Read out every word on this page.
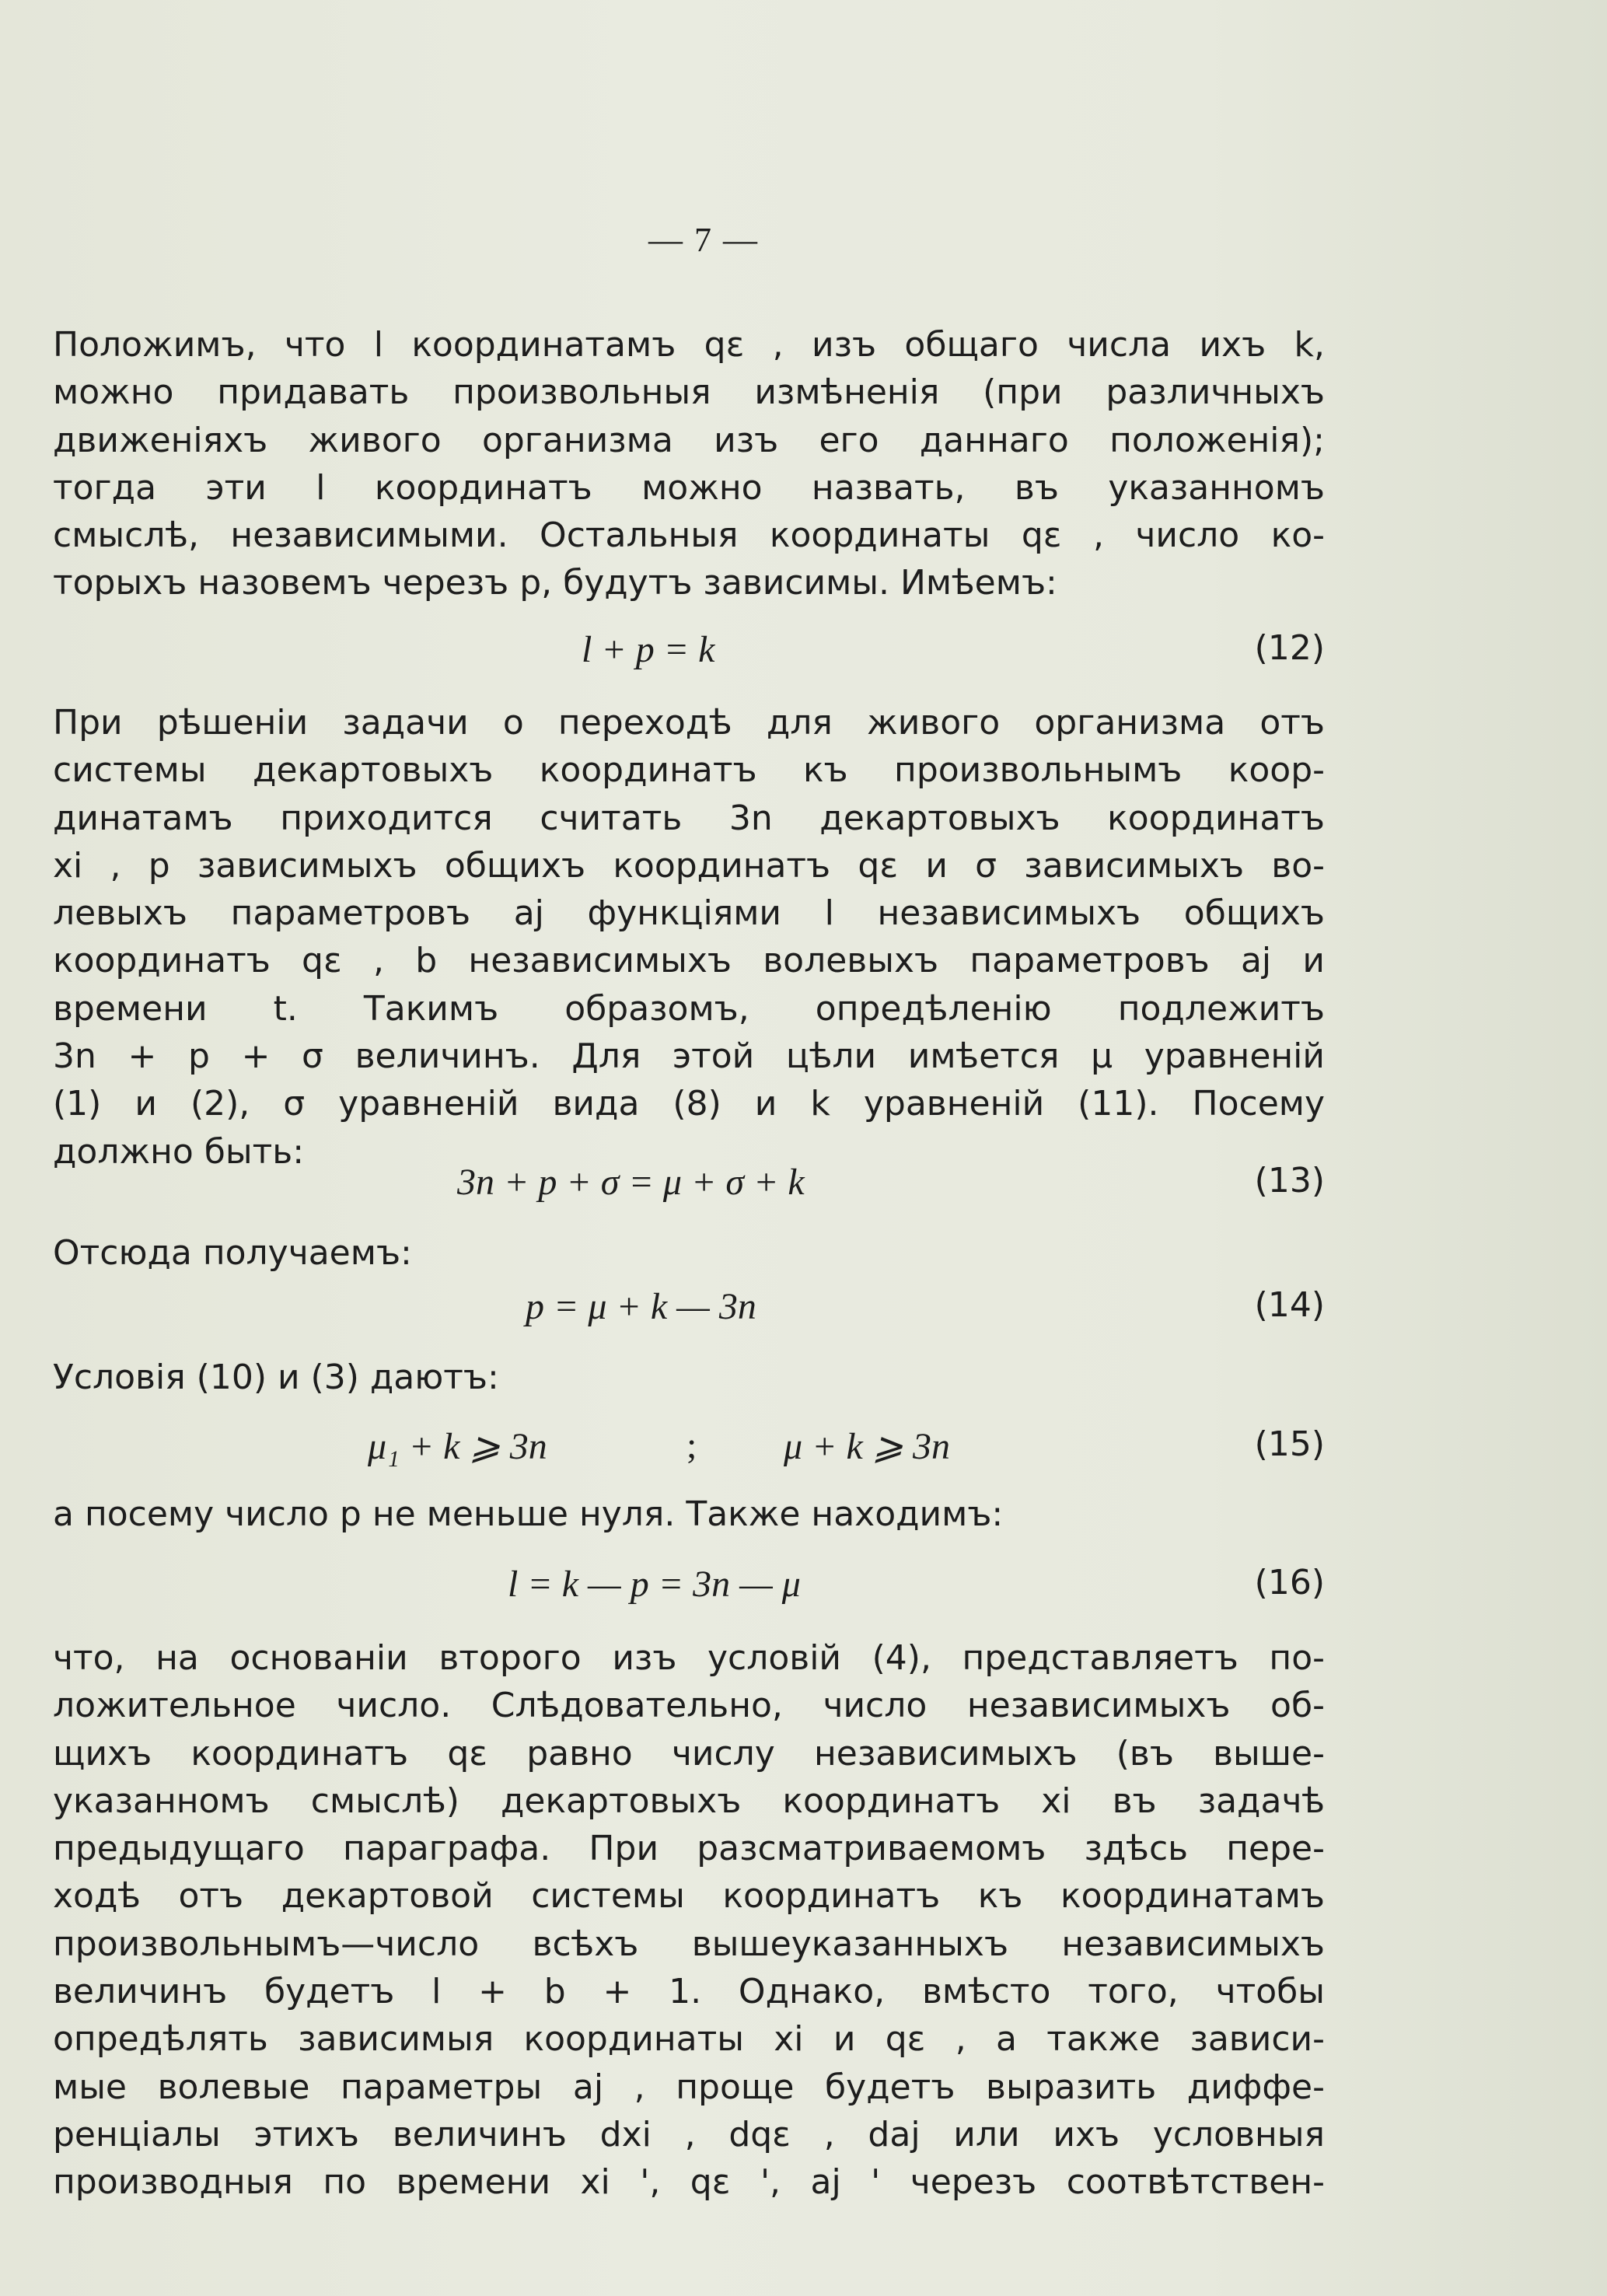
— 7 —
Положимъ, что l координатамъ qε , изъ общаго числа ихъ k,
можно придавать произвольныя измѣненія (при различныхъ
движеніяхъ живого организма изъ его даннаго положенія);
тогда эти l координатъ можно назвать, въ указанномъ
смыслѣ, независимыми. Остальныя координаты qε , число ко-
торыхъ назовемъ черезъ p, будутъ зависимы. Имѣемъ:
l + p = k	(12)
При рѣшеніи задачи о переходѣ для живого организма отъ
системы декартовыхъ координатъ къ произвольнымъ коор-
динатамъ приходится считать 3n декартовыхъ координатъ
xi , p зависимыхъ общихъ координатъ qε и σ зависимыхъ во-
левыхъ параметровъ aj функціями l независимыхъ общихъ
координатъ qε , b независимыхъ волевыхъ параметровъ aj и
времени t. Такимъ образомъ, опредѣленію подлежитъ
3n + p + σ величинъ. Для этой цѣли имѣется μ уравненій
(1) и (2), σ уравненій вида (8) и k уравненій (11). Посему
должно быть:
3n + p + σ = μ + σ + k	(13)
Отсюда получаемъ:
p = μ + k — 3n	(14)
Условія (10) и (3) даютъ:
μ₁ + k ⩾ 3n	; μ + k ⩾ 3n	(15)
а посему число p не меньше нуля. Также находимъ:
l = k — p = 3n — μ	(16)
что, на основаніи второго изъ условій (4), представляетъ по-
ложительное число. Слѣдовательно, число независимыхъ об-
щихъ координатъ qε равно числу независимыхъ (въ выше-
указанномъ смыслѣ) декартовыхъ координатъ xi въ задачѣ
предыдущаго параграфа. При разсматриваемомъ здѣсь пере-
ходѣ отъ декартовой системы координатъ къ координатамъ
произвольнымъ—число всѣхъ вышеуказанныхъ независимыхъ
величинъ будетъ l + b + 1. Однако, вмѣсто того, чтобы
опредѣлять зависимыя координаты xi и qε , а также зависи-
мые волевые параметры aj , проще будетъ выразить диффе-
ренціалы этихъ величинъ dxi , dqε , daj или ихъ условныя
производныя по времени xi ', qε ', aj ' черезъ соотвѣтствен-
